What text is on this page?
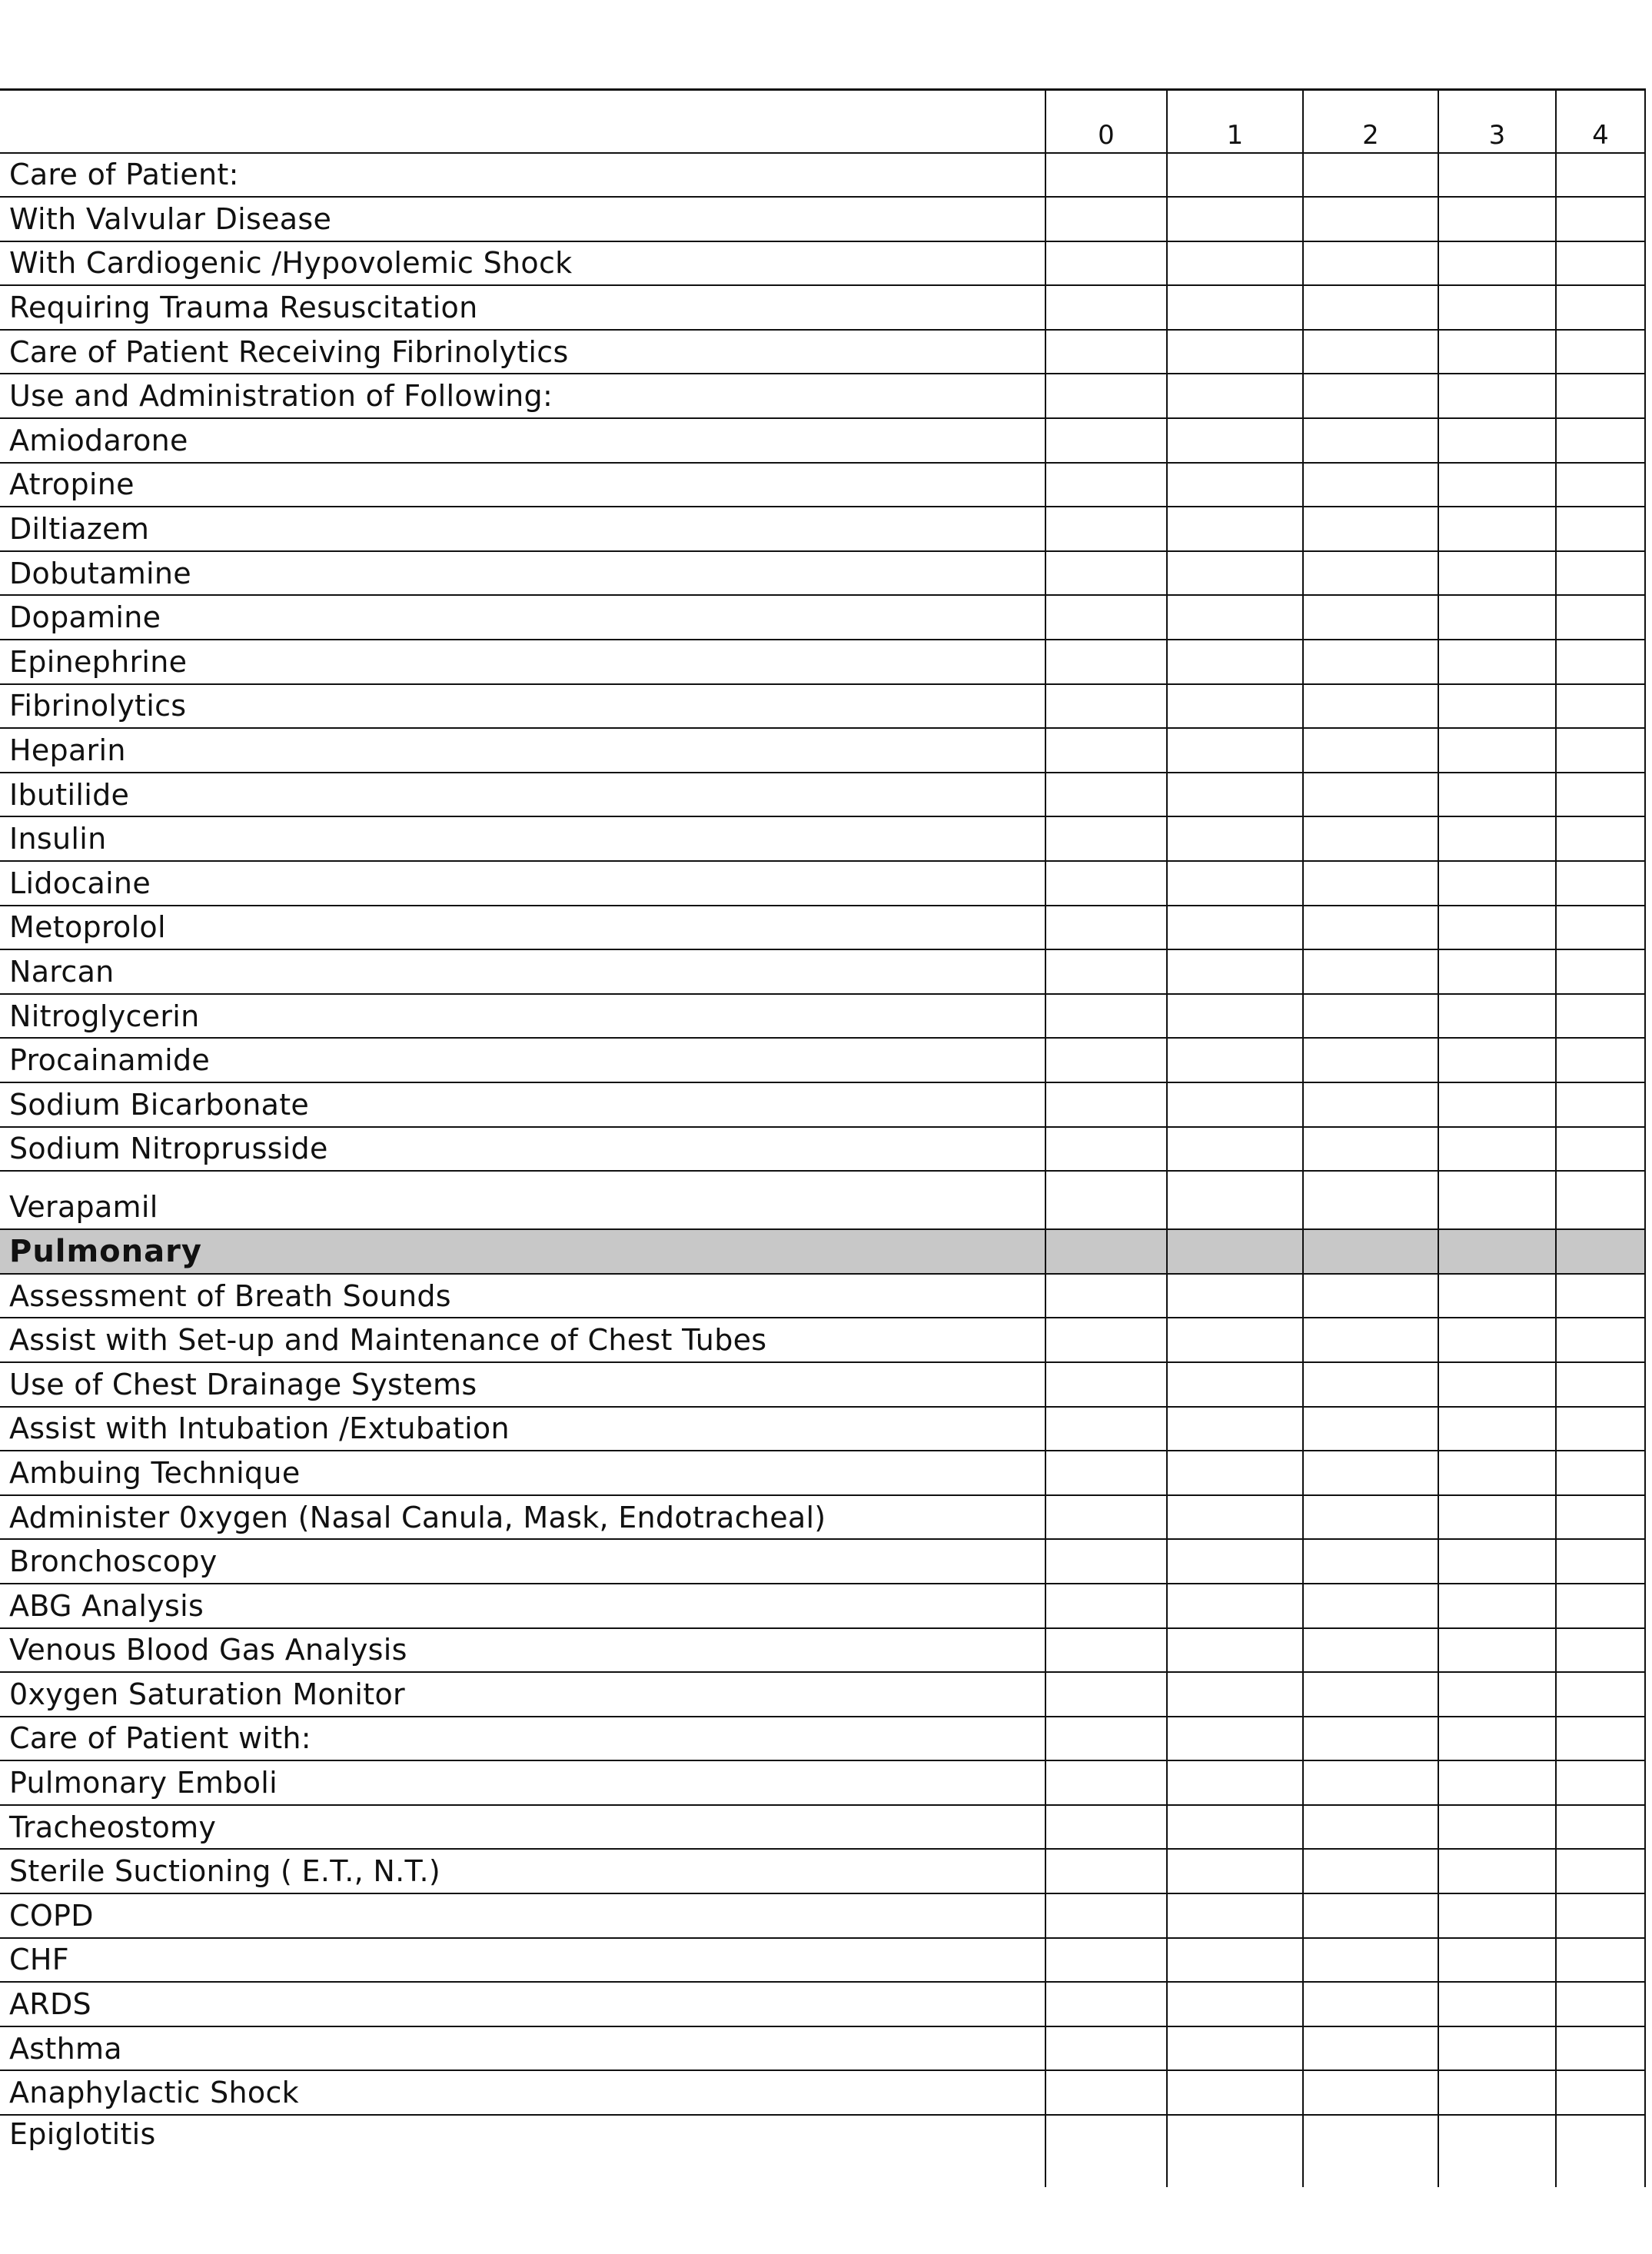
	0	1	2	3	4
Care of Patient:					
With Valvular Disease					
With Cardiogenic /Hypovolemic Shock					
Requiring Trauma Resuscitation					
Care of Patient Receiving Fibrinolytics					
Use and Administration of Following:					
Amiodarone					
Atropine					
Diltiazem					
Dobutamine					
Dopamine					
Epinephrine					
Fibrinolytics					
Heparin					
Ibutilide					
Insulin					
Lidocaine					
Metoprolol					
Narcan					
Nitroglycerin					
Procainamide					
Sodium Bicarbonate					
Sodium Nitroprusside					
Verapamil					
Pulmonary					
Assessment of Breath Sounds					
Assist with Set-up and Maintenance of Chest Tubes					
Use of Chest Drainage Systems					
Assist with Intubation /Extubation					
Ambuing Technique					
Administer 0xygen (Nasal Canula, Mask, Endotracheal)					
Bronchoscopy					
ABG Analysis					
Venous Blood Gas Analysis					
0xygen Saturation Monitor					
Care of Patient with:					
Pulmonary Emboli					
Tracheostomy					
Sterile Suctioning ( E.T., N.T.)					
COPD					
CHF					
ARDS					
Asthma					
Anaphylactic Shock					
Epiglotitis					
